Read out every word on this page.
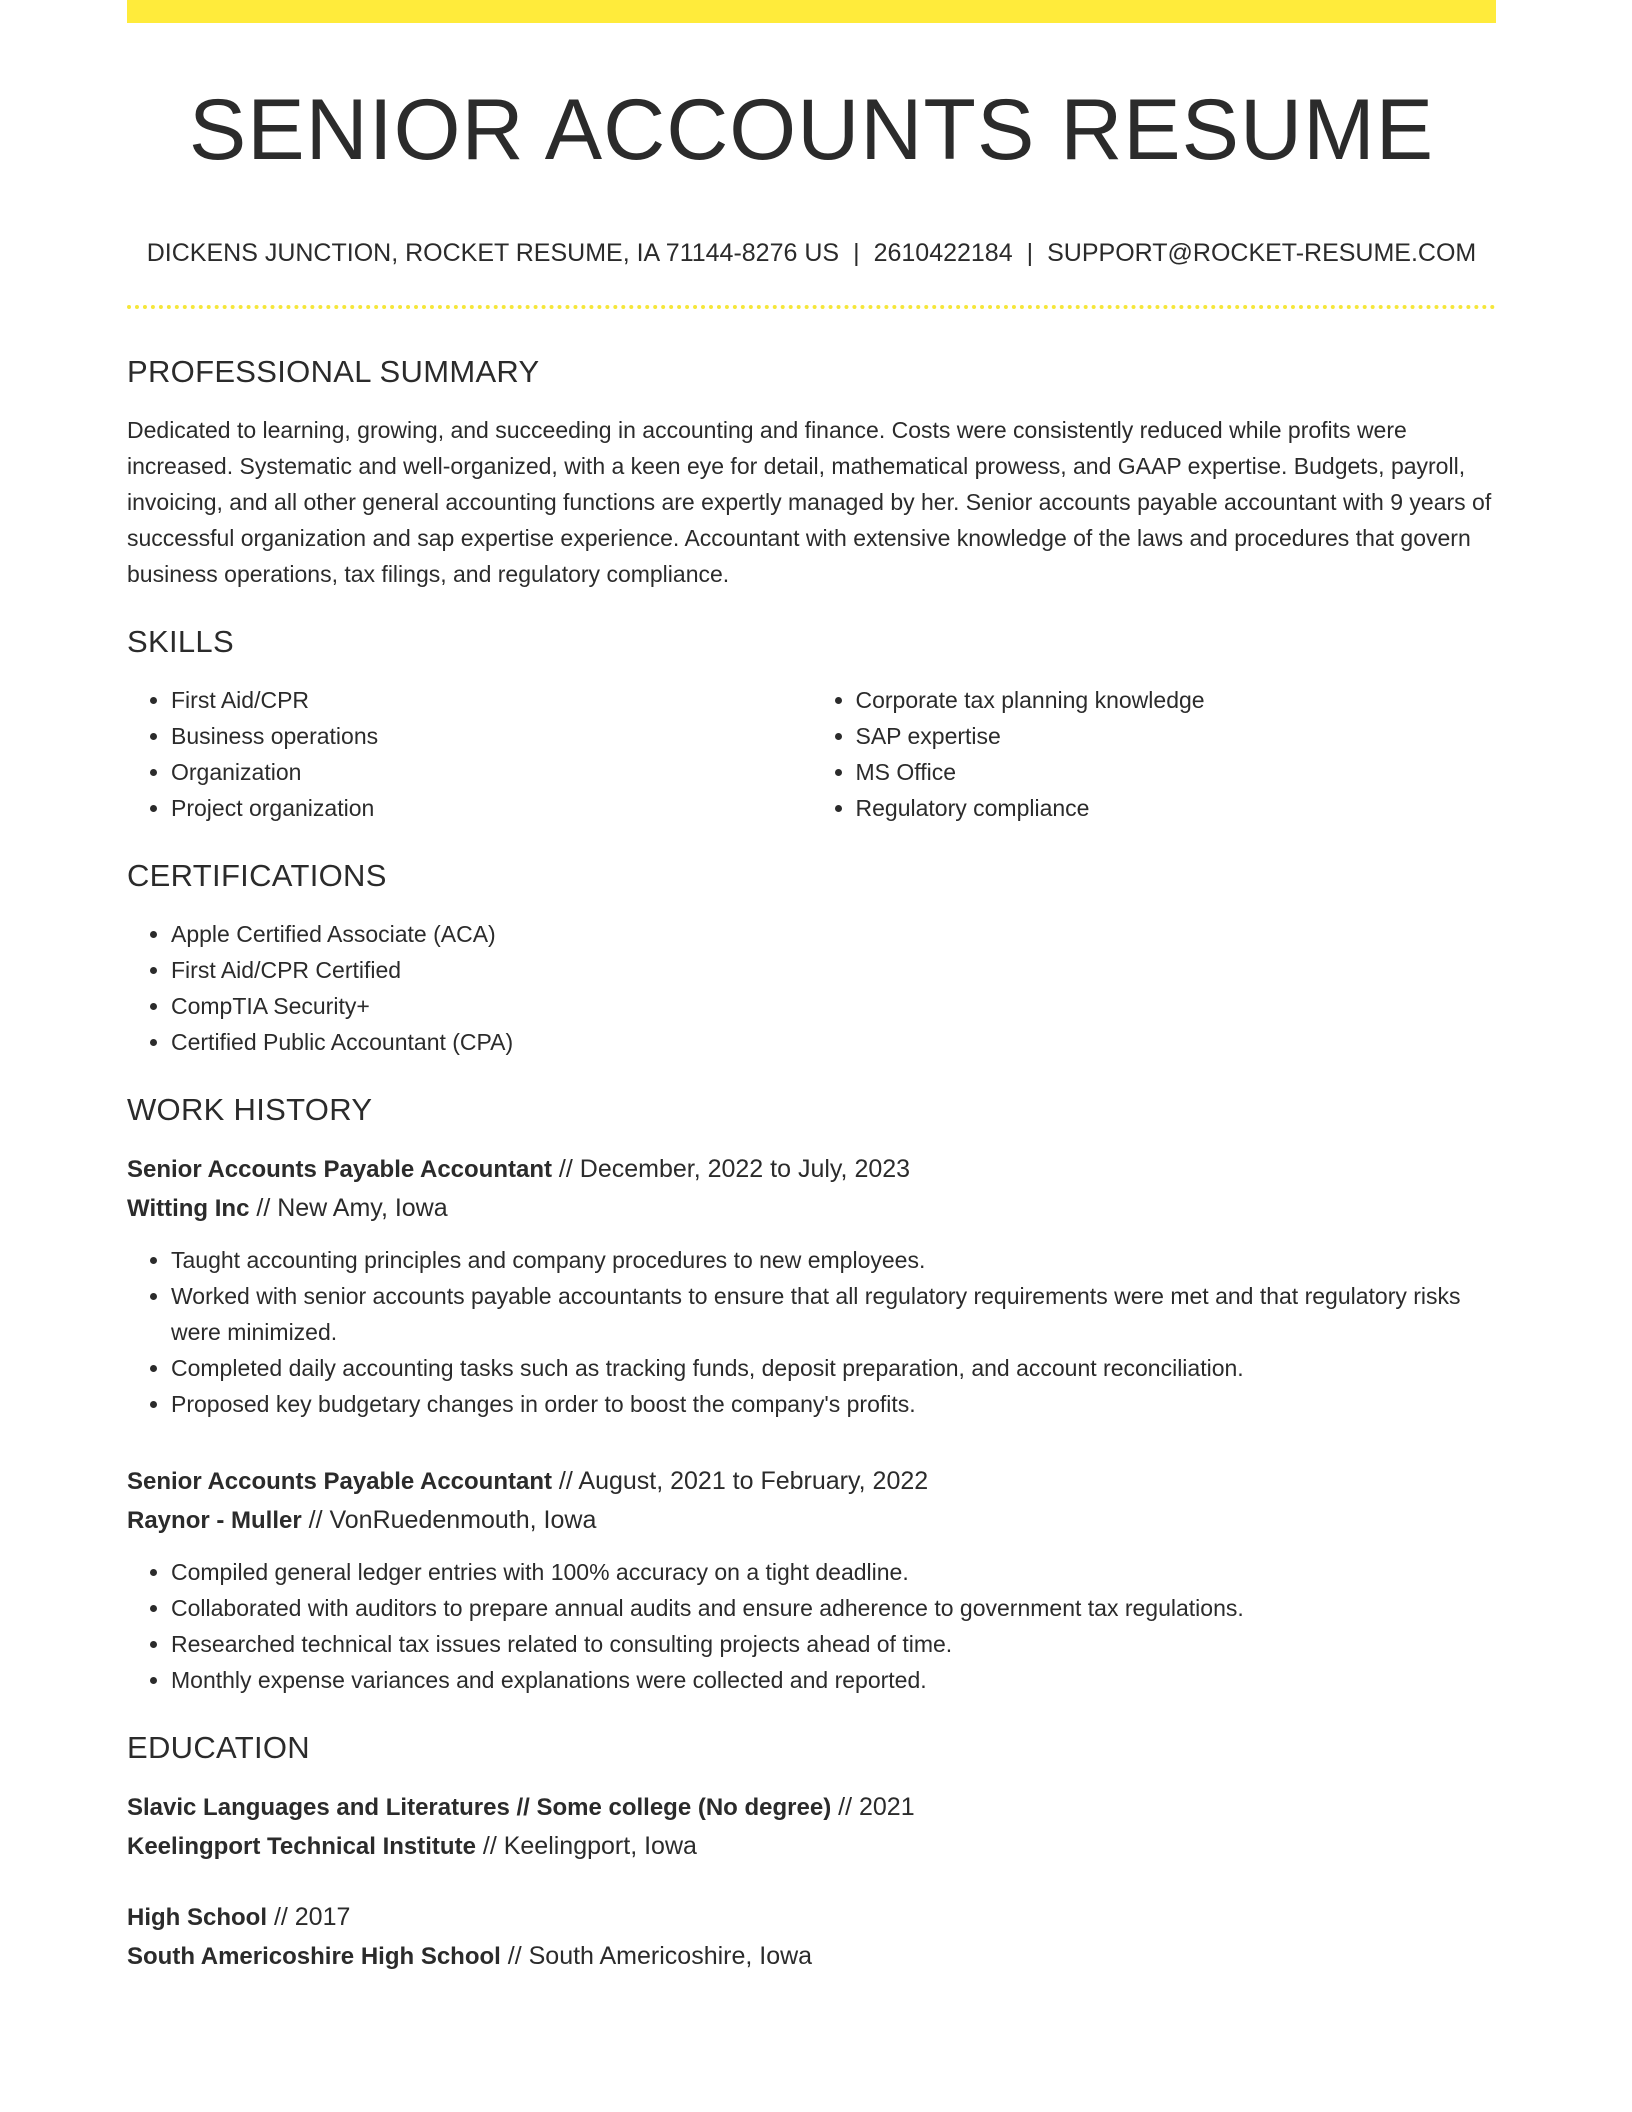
SENIOR ACCOUNTS RESUME
DICKENS JUNCTION, ROCKET RESUME, IA 71144-8276 US | 2610422184 | SUPPORT@ROCKET-RESUME.COM
PROFESSIONAL SUMMARY

Dedicated to learning, growing, and succeeding in accounting and finance. Costs were consistently reduced while profits were increased. Systematic and well-organized, with a keen eye for detail, mathematical prowess, and GAAP expertise. Budgets, payroll, invoicing, and all other general accounting functions are expertly managed by her. Senior accounts payable accountant with 9 years of successful organization and sap expertise experience. Accountant with extensive knowledge of the laws and procedures that govern business operations, tax filings, and regulatory compliance.

SKILLS
• First Aid/CPR
• Business operations
• Organization
• Project organization
• Corporate tax planning knowledge
• SAP expertise
• MS Office
• Regulatory compliance
CERTIFICATIONS
• Apple Certified Associate (ACA)
• First Aid/CPR Certified
• CompTIA Security+
• Certified Public Accountant (CPA)
WORK HISTORY
Senior Accounts Payable Accountant // December, 2022 to July, 2023
Witting Inc // New Amy, Iowa
• Taught accounting principles and company procedures to new employees.
• Worked with senior accounts payable accountants to ensure that all regulatory requirements were met and that regulatory risks were minimized.
• Completed daily accounting tasks such as tracking funds, deposit preparation, and account reconciliation.
• Proposed key budgetary changes in order to boost the company's profits.
Senior Accounts Payable Accountant // August, 2021 to February, 2022
Raynor - Muller // VonRuedenmouth, Iowa
• Compiled general ledger entries with 100% accuracy on a tight deadline.
• Collaborated with auditors to prepare annual audits and ensure adherence to government tax regulations.
• Researched technical tax issues related to consulting projects ahead of time.
• Monthly expense variances and explanations were collected and reported.
EDUCATION
Slavic Languages and Literatures // Some college (No degree) // 2021
Keelingport Technical Institute // Keelingport, Iowa
High School // 2017
South Americoshire High School // South Americoshire, Iowa
